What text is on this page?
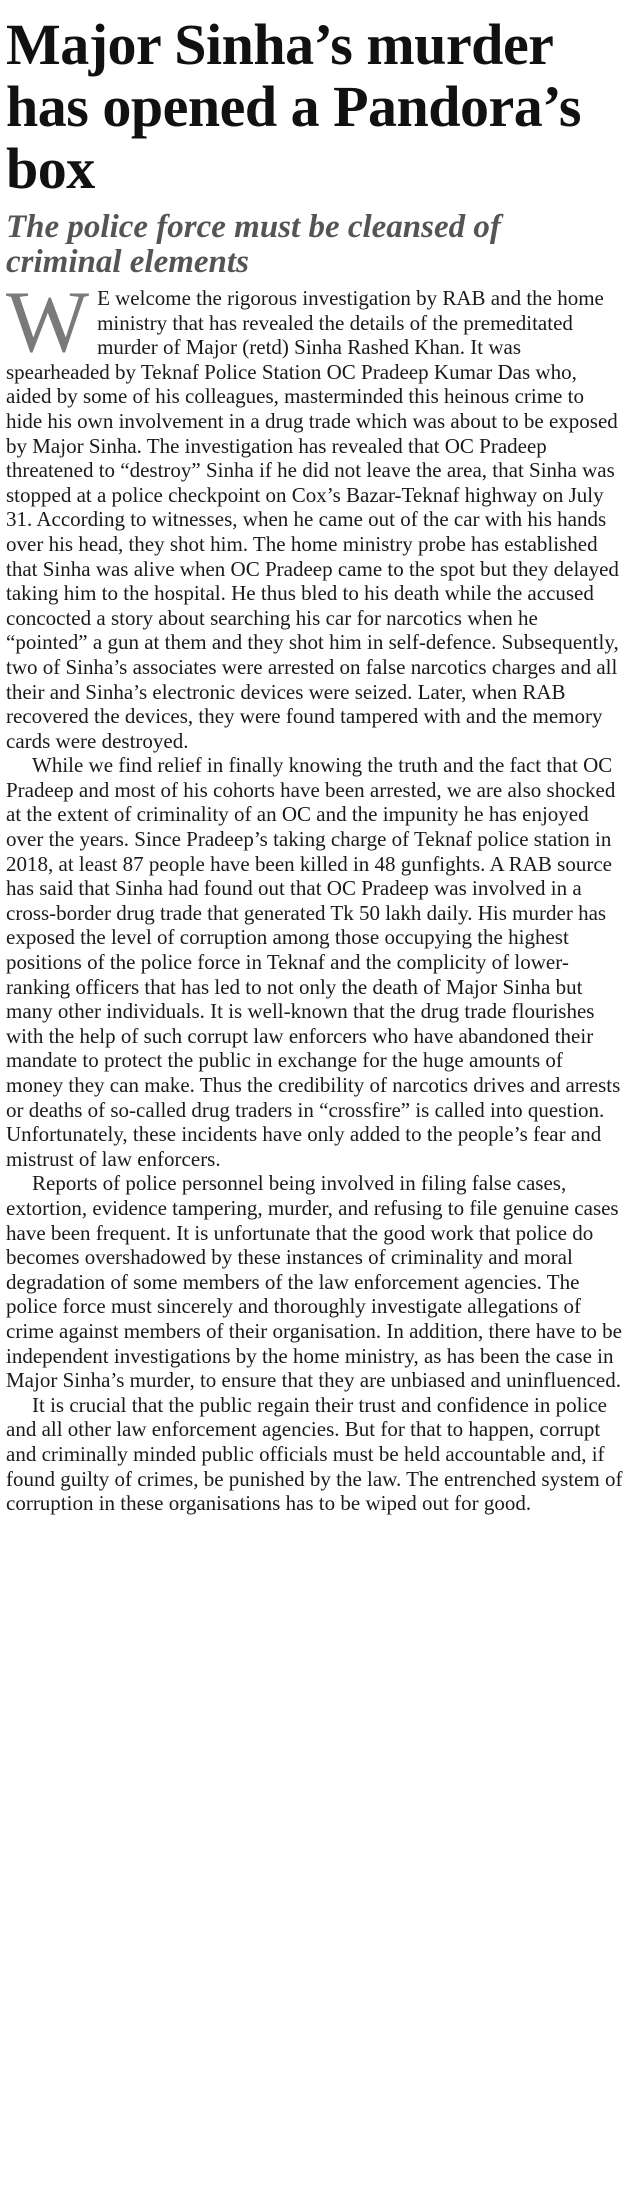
Major Sinha’s murder has opened a Pandora’s box
The police force must be cleansed of criminal elements

W E welcome the rigorous investigation by RAB and the home ministry that has revealed the details of the premeditated murder of Major (retd) Sinha Rashed Khan. It was spearheaded by Teknaf Police Station OC Pradeep Kumar Das who, aided by some of his colleagues, masterminded this heinous crime to hide his own involvement in a drug trade which was about to be exposed by Major Sinha. The investigation has revealed that OC Pradeep threatened to “destroy” Sinha if he did not leave the area, that Sinha was stopped at a police checkpoint on Cox’s Bazar-Teknaf highway on July 31. According to witnesses, when he came out of the car with his hands over his head, they shot him. The home ministry probe has established that Sinha was alive when OC Pradeep came to the spot but they delayed taking him to the hospital. He thus bled to his death while the accused concocted a story about searching his car for narcotics when he “pointed” a gun at them and they shot him in self-defence. Subsequently, two of Sinha’s associates were arrested on false narcotics charges and all their and Sinha’s electronic devices were seized. Later, when RAB recovered the devices, they were found tampered with and the memory cards were destroyed.

While we find relief in finally knowing the truth and the fact that OC Pradeep and most of his cohorts have been arrested, we are also shocked at the extent of criminality of an OC and the impunity he has enjoyed over the years. Since Pradeep’s taking charge of Teknaf police station in 2018, at least 87 people have been killed in 48 gunfights. A RAB source has said that Sinha had found out that OC Pradeep was involved in a cross-border drug trade that generated Tk 50 lakh daily. His murder has exposed the level of corruption among those occupying the highest positions of the police force in Teknaf and the complicity of lower-ranking officers that has led to not only the death of Major Sinha but many other individuals. It is well-known that the drug trade flourishes with the help of such corrupt law enforcers who have abandoned their mandate to protect the public in exchange for the huge amounts of money they can make. Thus the credibility of narcotics drives and arrests or deaths of so-called drug traders in “crossfire” is called into question. Unfortunately, these incidents have only added to the people’s fear and mistrust of law enforcers.

Reports of police personnel being involved in filing false cases, extortion, evidence tampering, murder, and refusing to file genuine cases have been frequent. It is unfortunate that the good work that police do becomes overshadowed by these instances of criminality and moral degradation of some members of the law enforcement agencies. The police force must sincerely and thoroughly investigate allegations of crime against members of their organisation. In addition, there have to be independent investigations by the home ministry, as has been the case in Major Sinha’s murder, to ensure that they are unbiased and uninfluenced.

It is crucial that the public regain their trust and confidence in police and all other law enforcement agencies. But for that to happen, corrupt and criminally minded public officials must be held accountable and, if found guilty of crimes, be punished by the law. The entrenched system of corruption in these organisations has to be wiped out for good.
